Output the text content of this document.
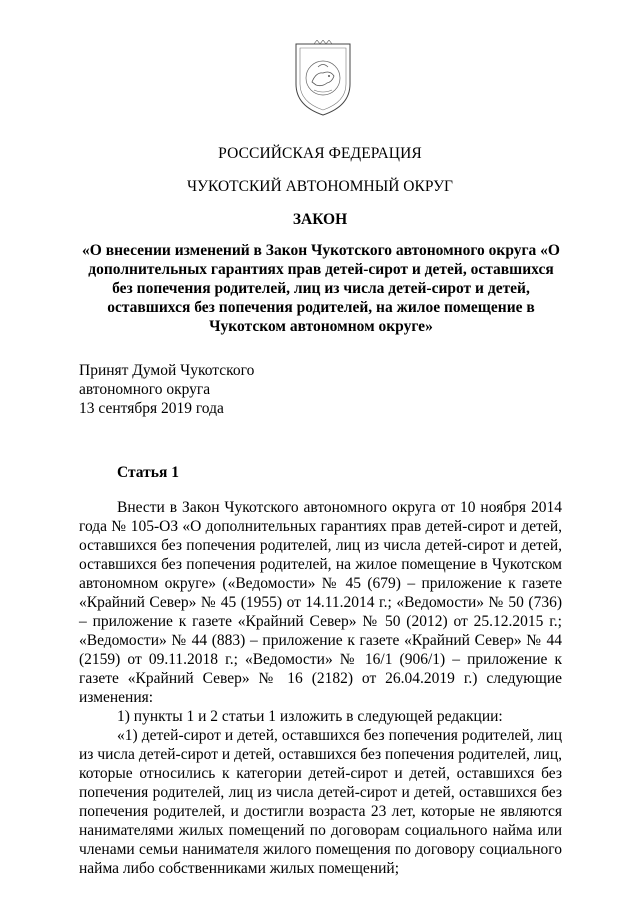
РОССИЙСКАЯ ФЕДЕРАЦИЯ
ЧУКОТСКИЙ АВТОНОМНЫЙ ОКРУГ
ЗАКОН
«О внесении изменений в Закон Чукотского автономного округа «О дополнительных гарантиях прав детей-сирот и детей, оставшихся без попечения родителей, лиц из числа детей-сирот и детей, оставшихся без попечения родителей, на жилое помещение в Чукотском автономном округе»
Принят Думой Чукотского
автономного округа
13 сентября 2019 года
Статья 1

Внести в Закон Чукотского автономного округа от 10 ноября 2014 года № 105-ОЗ «О дополнительных гарантиях прав детей-сирот и детей, оставшихся без попечения родителей, лиц из числа детей-сирот и детей, оставшихся без попечения родителей, на жилое помещение в Чукотском автономном округе» («Ведомости» № 45 (679) – приложение к газете «Крайний Север» № 45 (1955) от 14.11.2014 г.; «Ведомости» № 50 (736) – приложение к газете «Крайний Север» № 50 (2012) от 25.12.2015 г.; «Ведомости» № 44 (883) – приложение к газете «Крайний Север» № 44 (2159) от 09.11.2018 г.; «Ведомости» № 16/1 (906/1) – приложение к газете «Крайний Север» № 16 (2182) от 26.04.2019 г.) следующие изменения:

1) пункты 1 и 2 статьи 1 изложить в следующей редакции:

«1) детей-сирот и детей, оставшихся без попечения родителей, лиц из числа детей-сирот и детей, оставшихся без попечения родителей, лиц, которые относились к категории детей-сирот и детей, оставшихся без попечения родителей, лиц из числа детей-сирот и детей, оставшихся без попечения родителей, и достигли возраста 23 лет, которые не являются нанимателями жилых помещений по договорам социального найма или членами семьи нанимателя жилого помещения по договору социального найма либо собственниками жилых помещений;
